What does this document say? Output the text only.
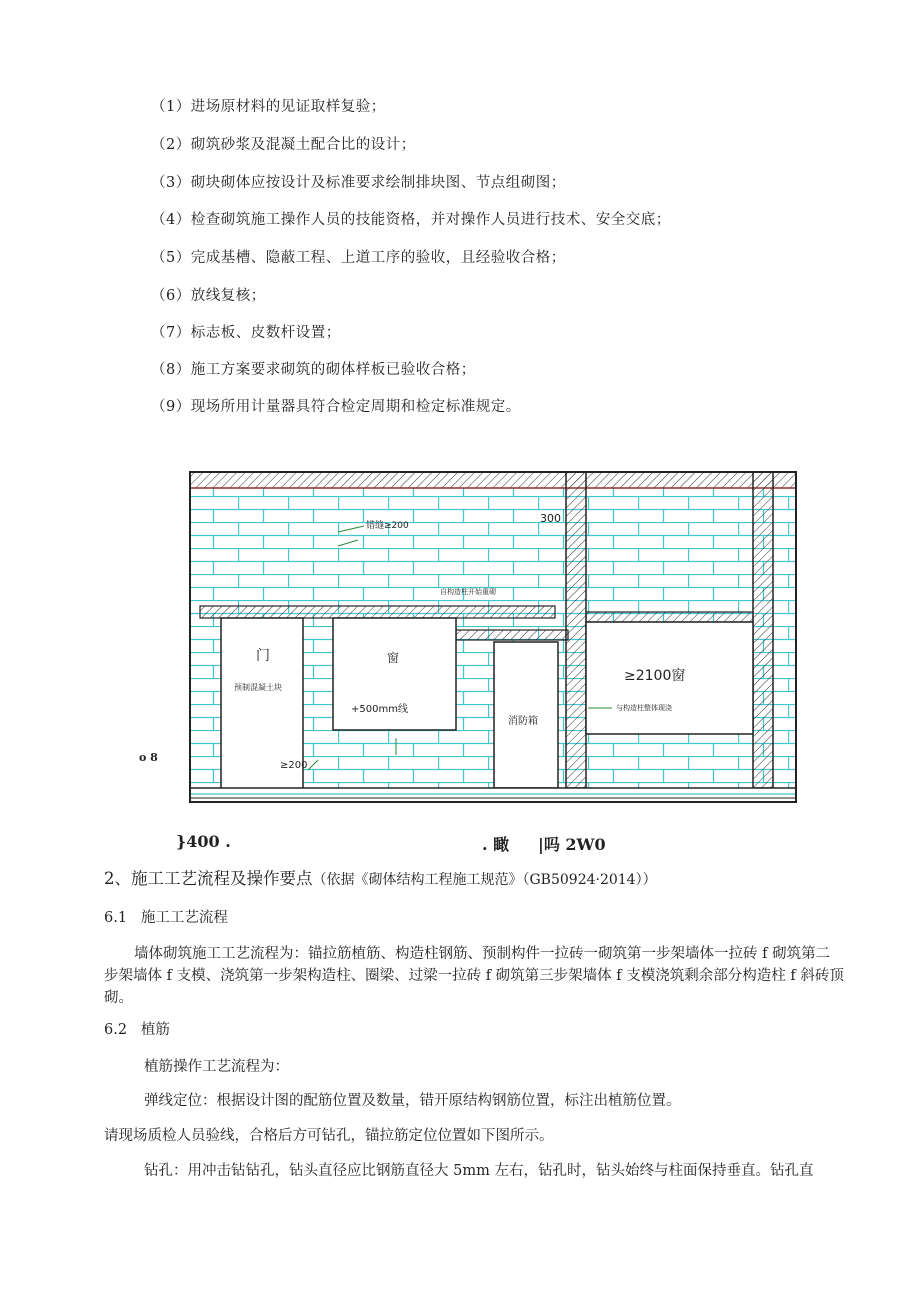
（1）进场原材料的见证取样复验；
（2）砌筑砂浆及混凝土配合比的设计；
（3）砌块砌体应按设计及标准要求绘制排块图、节点组砌图；
（4）检查砌筑施工操作人员的技能资格，并对操作人员进行技术、安全交底；
（5）完成基槽、隐蔽工程、上道工序的验收，且经验收合格；
（6）放线复核；
（7）标志板、皮数杆设置；
（8）施工方案要求砌筑的砌体样板已验收合格；
（9）现场所用计量器具符合检定周期和检定标准规定。
错缝≥200
300
自构造柱开始重砌
门
预制混凝土块
窗
+500mm线
≥200
消防箱
≥2100窗
与构造柱整体现浇
o 8
}400 .	. 瞰 |吗 2W0
2、施工工艺流程及操作要点（依据《砌体结构工程施工规范》（GB50924·2014））
6.1 施工工艺流程
墙体砌筑施工工艺流程为：锚拉筋植筋、构造柱钢筋、预制构件一拉砖一砌筑第一步架墙体一拉砖 f 砌筑第二步架墙体 f 支模、浇筑第一步架构造柱、圈梁、过梁一拉砖 f 砌筑第三步架墙体 f 支模浇筑剩余部分构造柱 f 斜砖顶砌。
6.2 植筋
植筋操作工艺流程为：
弹线定位：根据设计图的配筋位置及数量，错开原结构钢筋位置，标注出植筋位置。
请现场质检人员验线，合格后方可钻孔，锚拉筋定位位置如下图所示。
钻孔：用冲击钻钻孔，钻头直径应比钢筋直径大 5mm 左右，钻孔时，钻头始终与柱面保持垂直。钻孔直
